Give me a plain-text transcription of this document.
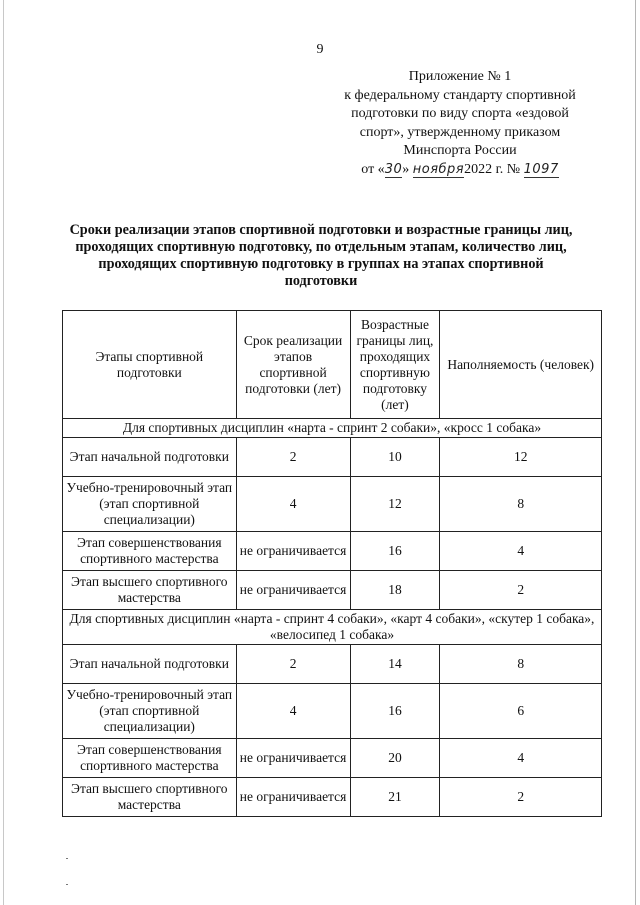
9
Приложение № 1
к федеральному стандарту спортивной
подготовки по виду спорта «ездовой
спорт», утвержденному приказом
Минспорта России
от «30» ноября2022 г. № 1097
Сроки реализации этапов спортивной подготовки и возрастные границы лиц, проходящих спортивную подготовку, по отдельным этапам, количество лиц, проходящих спортивную подготовку в группах на этапах спортивной подготовки
Этапы спортивной подготовки	Срок реализации этапов спортивной подготовки (лет)	Возрастные границы лиц, проходящих спортивную подготовку (лет)	Наполняемость (человек)
Для спортивных дисциплин «нарта - спринт 2 собаки», «кросс 1 собака»			
Этап начальной подготовки	2	10	12
Учебно-тренировочный этап (этап спортивной специализации)	4	12	8
Этап совершенствования спортивного мастерства	не ограничивается	16	4
Этап высшего спортивного мастерства	не ограничивается	18	2
Для спортивных дисциплин «нарта - спринт 4 собаки», «карт 4 собаки», «скутер 1 собака», «велосипед 1 собака»			
Этап начальной подготовки	2	14	8
Учебно-тренировочный этап (этап спортивной специализации)	4	16	6
Этап совершенствования спортивного мастерства	не ограничивается	20	4
Этап высшего спортивного мастерства	не ограничивается	21	2
